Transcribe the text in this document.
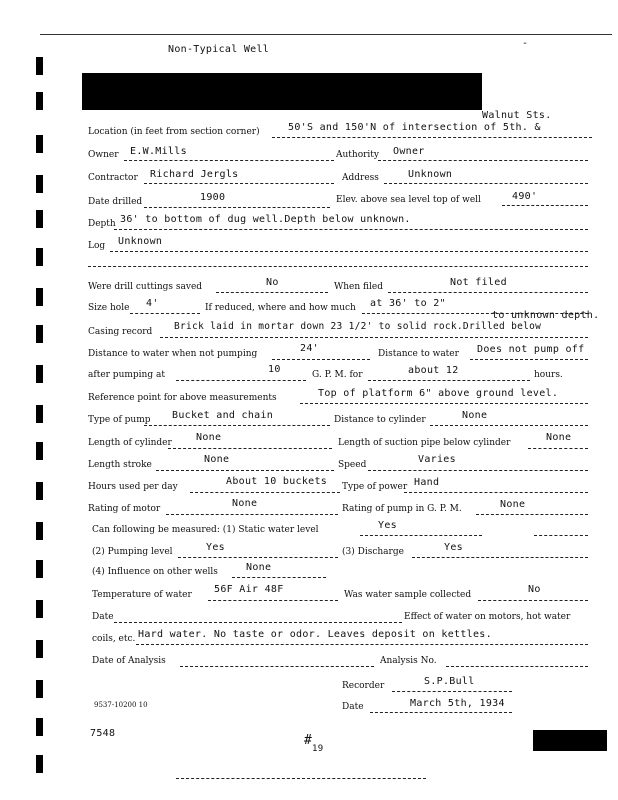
Non-Typical Well
-
Walnut Sts.
Location (in feet from section corner)	50'S and 150'N of intersection of 5th. &
Owner E.W.Mills	Authority Owner
Contractor Richard Jergls	Address	Unknown
Date drilled	1900	Elev. above sea level top of well	490'
Depth 36' to bottom of dug well.Depth below unknown.
Log Unknown
Were drill cuttings saved	No	When filed	Not filed
Size hole 4'	If reduced, where and how much at 36' to 2"
to unknown depth.
Casing record Brick laid in mortar down 23 1/2' to solid rock.Drilled below
Distance to water when not pumping	24'	Distance to water Does not pump off
after pumping at	10	G. P. M. for	about 12	hours.
Reference point for above measurements	Top of platform 6" above ground level.
Type of pump Bucket and chain	Distance to cylinder	None
Length of cylinder None	Length of suction pipe below cylinder	None
Length stroke	None	Speed	Varies
Hours used per day	About 10 buckets Type of power Hand
Rating of motor	None	Rating of pump in G. P. M.	None
Can following be measured: (1) Static water level	Yes
(2) Pumping level	Yes	(3) Discharge	Yes
(4) Influence on other wells	None
Temperature of water 56F Air 48F	Was water sample collected	No
Date	Effect of water on motors, hot water
coils, etc. Hard water. No taste or odor. Leaves deposit on kettles.
Date of Analysis	Analysis No.
Recorder	S.P.Bull
9537-10200 10	Date	March 5th, 1934
7548	#
19
